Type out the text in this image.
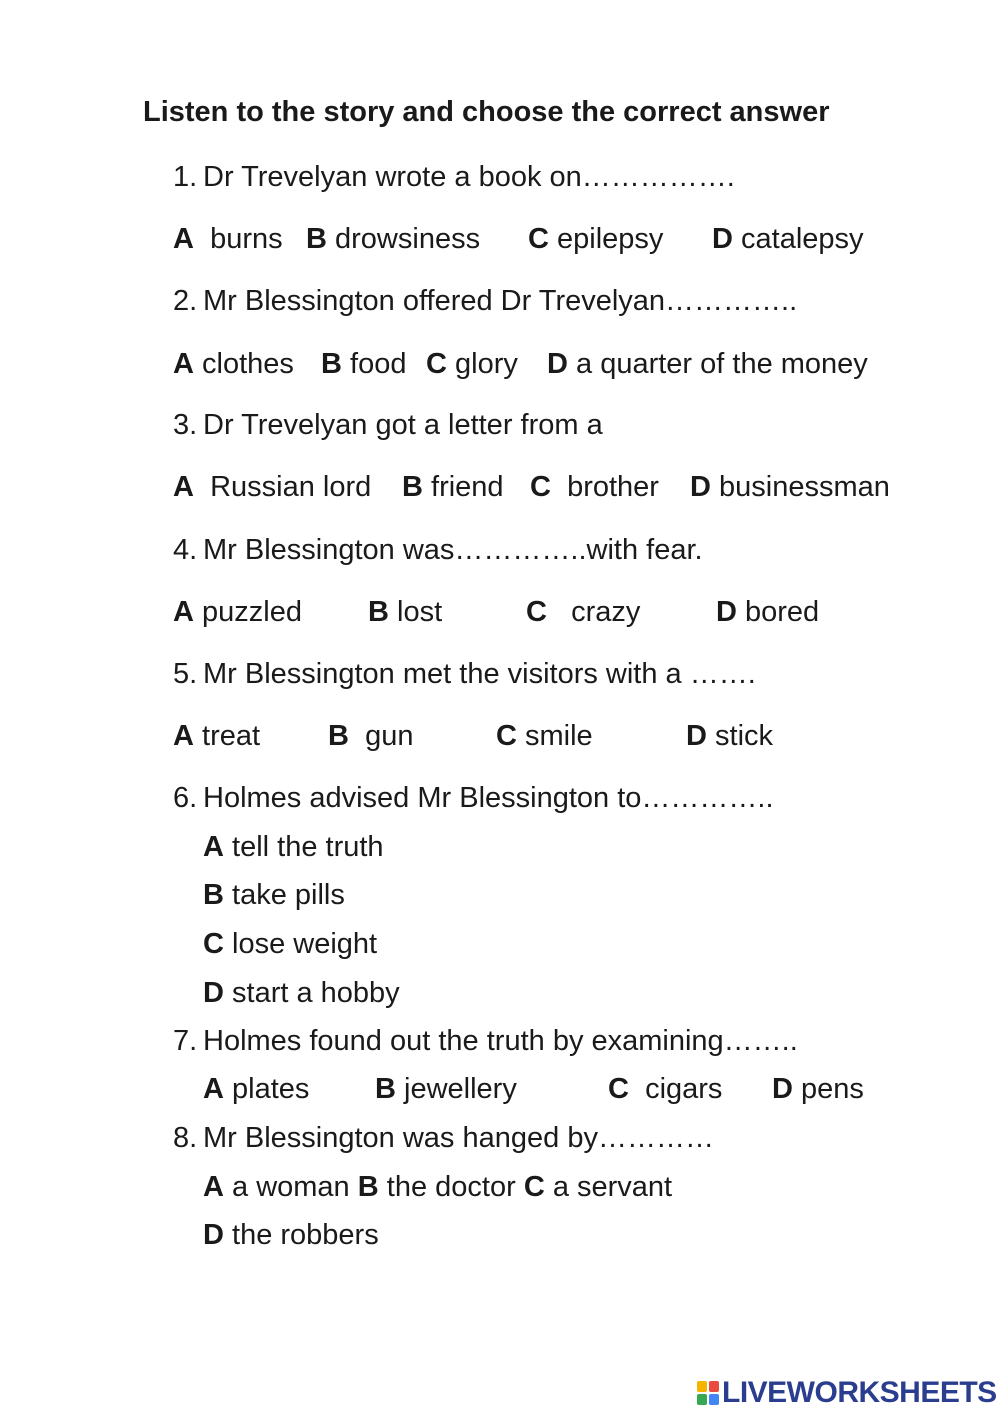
Listen to the story and choose the correct answer
1. Dr Trevelyan wrote a book on…………….
A burns B drowsiness C epilepsy D catalepsy
2. Mr Blessington offered Dr Trevelyan…………..
A clothes B food C glory D a quarter of the money
3. Dr Trevelyan got a letter from a
A Russian lord B friend C brother D businessman
4. Mr Blessington was…………..with fear.
A puzzled B lost	C crazy	D bored
5. Mr Blessington met the visitors with a …….
A treat B gun	C smile	D stick
6. Holmes advised Mr Blessington to…………..
A tell the truth
B take pills
C lose weight
D start a hobby
7. Holmes found out the truth by examining……..
A plates B jewellery	C cigars D pens
8. Mr Blessington was hanged by…………
A a woman B the doctor C a servant
D the robbers
LIVEWORKSHEETS
